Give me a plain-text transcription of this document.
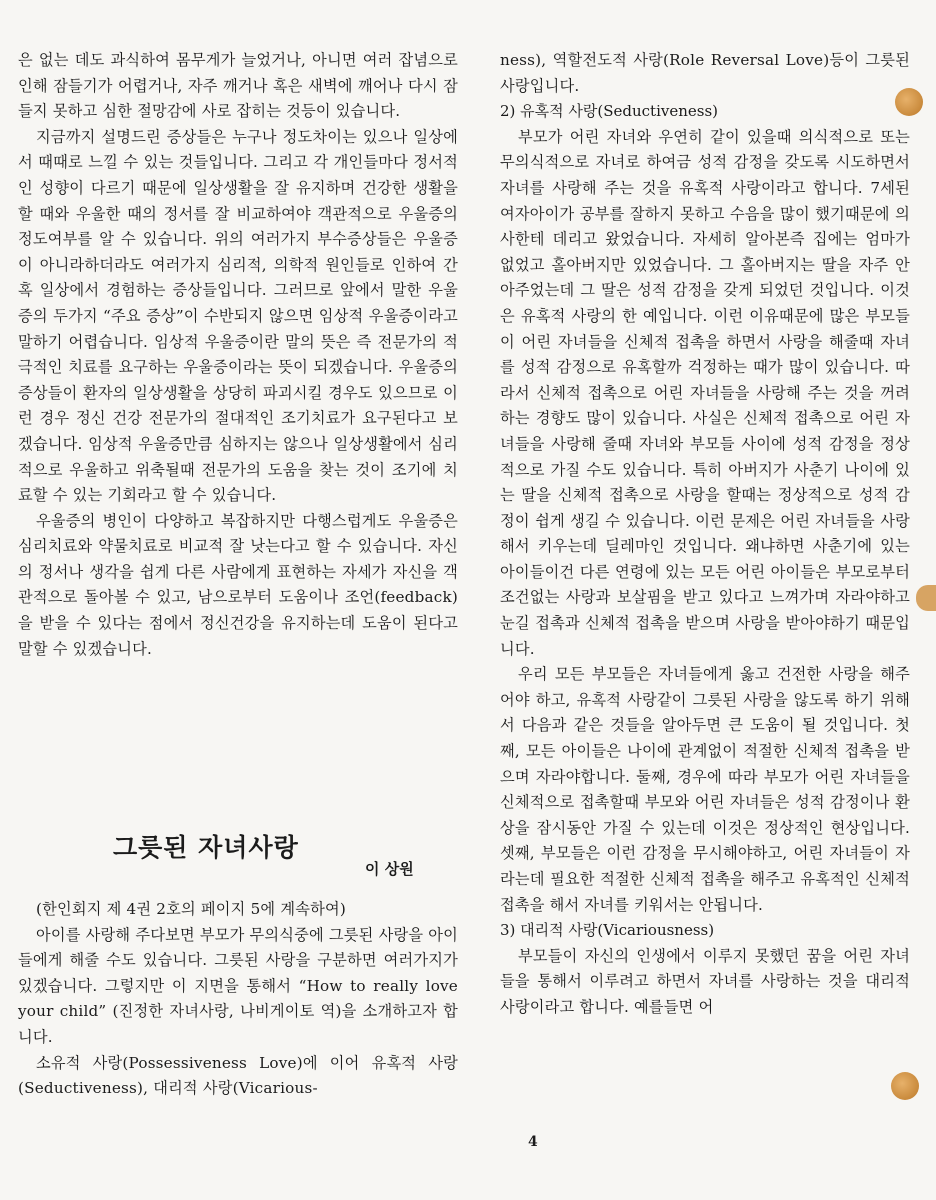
은 없는 데도 과식하여 몸무게가 늘었거나, 아니면 여러 잡념으로 인해 잠들기가 어렵거나, 자주 깨거나 혹은 새벽에 깨어나 다시 잠들지 못하고 심한 절망감에 사로 잡히는 것등이 있습니다.

지금까지 설명드린 증상들은 누구나 정도차이는 있으나 일상에서 때때로 느낄 수 있는 것들입니다. 그리고 각 개인들마다 정서적인 성향이 다르기 때문에 일상생활을 잘 유지하며 건강한 생활을 할 때와 우울한 때의 정서를 잘 비교하여야 객관적으로 우울증의 정도여부를 알 수 있습니다. 위의 여러가지 부수증상들은 우울증이 아니라하더라도 여러가지 심리적, 의학적 원인들로 인하여 간혹 일상에서 경험하는 증상들입니다. 그러므로 앞에서 말한 우울증의 두가지 “주요 증상”이 수반되지 않으면 임상적 우울증이라고 말하기 어렵습니다. 임상적 우울증이란 말의 뜻은 즉 전문가의 적극적인 치료를 요구하는 우울증이라는 뜻이 되겠습니다. 우울증의 증상들이 환자의 일상생활을 상당히 파괴시킬 경우도 있으므로 이런 경우 정신 건강 전문가의 절대적인 조기치료가 요구된다고 보겠습니다. 임상적 우울증만큼 심하지는 않으나 일상생활에서 심리적으로 우울하고 위축될때 전문가의 도움을 찾는 것이 조기에 치료할 수 있는 기회라고 할 수 있습니다.

우울증의 병인이 다양하고 복잡하지만 다행스럽게도 우울증은 심리치료와 약물치료로 비교적 잘 낫는다고 할 수 있습니다. 자신의 정서나 생각을 쉽게 다른 사람에게 표현하는 자세가 자신을 객관적으로 돌아볼 수 있고, 남으로부터 도움이나 조언(feedback)을 받을 수 있다는 점에서 정신건강을 유지하는데 도움이 된다고 말할 수 있겠습니다.

그릇된 자녀사랑
이 상원

(한인회지 제 4권 2호의 페이지 5에 계속하여)

아이를 사랑해 주다보면 부모가 무의식중에 그릇된 사랑을 아이들에게 해줄 수도 있습니다. 그릇된 사랑을 구분하면 여러가지가 있겠습니다. 그렇지만 이 지면을 통해서 “How to really love your child” (진정한 자녀사랑, 나비게이토 역)을 소개하고자 합니다.

소유적 사랑(Possessiveness Love)에 이어 유혹적 사랑(Seductiveness), 대리적 사랑(Vicarious-

ness), 역할전도적 사랑(Role Reversal Love)등이 그릇된 사랑입니다.

2) 유혹적 사랑(Seductiveness)

부모가 어린 자녀와 우연히 같이 있을때 의식적으로 또는 무의식적으로 자녀로 하여금 성적 감정을 갖도록 시도하면서 자녀를 사랑해 주는 것을 유혹적 사랑이라고 합니다. 7세된 여자아이가 공부를 잘하지 못하고 수음을 많이 했기때문에 의사한테 데리고 왔었습니다. 자세히 알아본즉 집에는 엄마가 없었고 홀아버지만 있었습니다. 그 홀아버지는 딸을 자주 안아주었는데 그 딸은 성적 감정을 갖게 되었던 것입니다. 이것은 유혹적 사랑의 한 예입니다. 이런 이유때문에 많은 부모들이 어린 자녀들을 신체적 접촉을 하면서 사랑을 해줄때 자녀를 성적 감정으로 유혹할까 걱정하는 때가 많이 있습니다. 따라서 신체적 접촉으로 어린 자녀들을 사랑해 주는 것을 꺼려하는 경향도 많이 있습니다. 사실은 신체적 접촉으로 어린 자녀들을 사랑해 줄때 자녀와 부모들 사이에 성적 감정을 정상적으로 가질 수도 있습니다. 특히 아버지가 사춘기 나이에 있는 딸을 신체적 접촉으로 사랑을 할때는 정상적으로 성적 감정이 쉽게 생길 수 있습니다. 이런 문제은 어린 자녀들을 사랑해서 키우는데 딜레마인 것입니다. 왜냐하면 사춘기에 있는 아이들이건 다른 연령에 있는 모든 어린 아이들은 부모로부터 조건없는 사랑과 보살핌을 받고 있다고 느껴가며 자라야하고 눈길 접촉과 신체적 접촉을 받으며 사랑을 받아야하기 때문입니다.

우리 모든 부모들은 자녀들에게 옳고 건전한 사랑을 해주어야 하고, 유혹적 사랑같이 그릇된 사랑을 않도록 하기 위해서 다음과 같은 것들을 알아두면 큰 도움이 될 것입니다. 첫째, 모든 아이들은 나이에 관계없이 적절한 신체적 접촉을 받으며 자라야합니다. 둘째, 경우에 따라 부모가 어린 자녀들을 신체적으로 접촉할때 부모와 어린 자녀들은 성적 감정이나 환상을 잠시동안 가질 수 있는데 이것은 정상적인 현상입니다. 셋째, 부모들은 이런 감정을 무시해야하고, 어린 자녀들이 자라는데 필요한 적절한 신체적 접촉을 해주고 유혹적인 신체적 접촉을 해서 자녀를 키워서는 안됩니다.

3) 대리적 사랑(Vicariousness)

부모들이 자신의 인생에서 이루지 못했던 꿈을 어린 자녀들을 통해서 이루려고 하면서 자녀를 사랑하는 것을 대리적 사랑이라고 합니다. 예를들면 어

4
